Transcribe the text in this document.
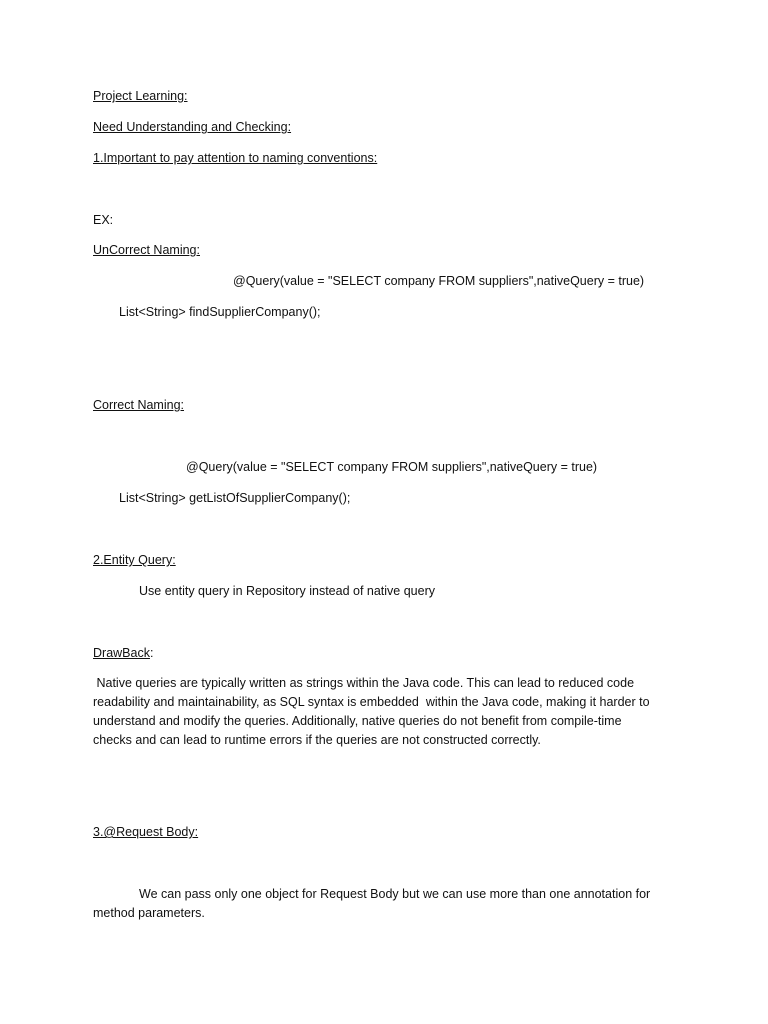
Project Learning:
Need Understanding and Checking:
1.Important to pay attention to naming conventions:
EX:
UnCorrect Naming:
@Query(value = "SELECT company FROM suppliers",nativeQuery = true)
List<String> findSupplierCompany();
Correct Naming:
@Query(value = "SELECT company FROM suppliers",nativeQuery = true)
List<String> getListOfSupplierCompany();
2.Entity Query:
Use entity query in Repository instead of native query
DrawBack:
Native queries are typically written as strings within the Java code. This can lead to reduced code
readability and maintainability, as SQL syntax is embedded  within the Java code, making it harder to
understand and modify the queries. Additionally, native queries do not benefit from compile-time
checks and can lead to runtime errors if the queries are not constructed correctly.
3.@Request Body:
We can pass only one object for Request Body but we can use more than one annotation for
method parameters.
